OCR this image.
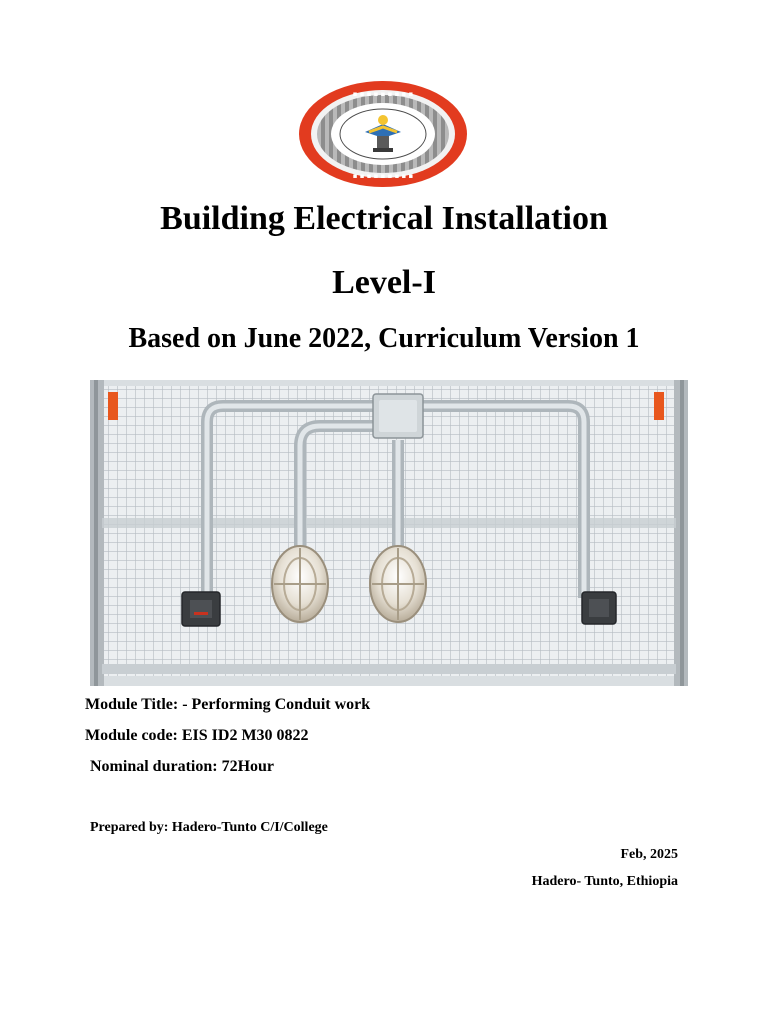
▪ ▪ ▪ ▪ ▪ ▪ ▪ ▪ ▪
▪ ▪ ▪ ▪ ▪ ▪ ▪ ▪ ▪
Building Electrical Installation
Level-I
Based on June 2022, Curriculum Version 1

Module Title: - Performing Conduit work

Module code: EIS ID2 M30 0822

Nominal duration: 72Hour

Prepared by: Hadero-Tunto C/I/College

Feb, 2025

Hadero- Tunto, Ethiopia
